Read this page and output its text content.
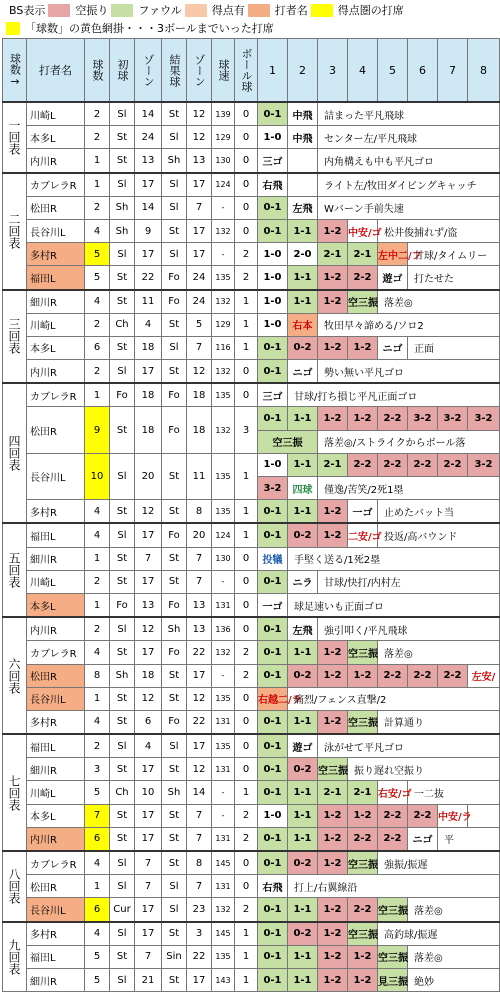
BS表示	空振り	ファウル	得点有	打者名	得点圏の打席
「球数」の黄色網掛・・・3ボールまでいった打席
球数→	打者名	球数	初球	ゾーン	結果球	ゾーン	球速	ボール球	1	2	3	4	5	6	7	8
一回表	川崎L	2	Sl	14	St	12	139	0	0-1	中飛	詰まった平凡飛球					
	本多L	2	St	24	Sl	12	129	0	1-0	中飛	センター左/平凡飛球					
	内川R	1	St	13	Sh	13	130	0	三ゴ		内角構えも中も平凡ゴロ					
二回表	カブレラR	1	Sl	17	Sl	17	124	0	右飛		ライト左/牧田ダイビングキャッチ					
	松田R	2	Sh	14	Sl	7	-	0	0-1	左飛	Wバーン手前失速					
	長谷川L	4	Sh	9	St	17	132	0	0-1	1-1	1-2	中安/ゴ	松井俊捕れず/盗			
	多村R	5	Sl	17	Sl	17	-	2	1-0	2-0	2-1	2-1	左中二/フ	甘球/タイムリー		
	福田L	5	St	22	Fo	24	135	2	1-0	1-1	1-2	2-2	遊ゴ	打たせた		
三回表	細川R	4	St	11	Fo	24	132	1	1-0	1-1	1-2	空三振	落差◎			
	川崎L	2	Ch	4	St	5	129	1	1-0	右本	牧田早々諦める/ソロ2					
	本多L	6	St	18	Sl	7	116	1	0-1	0-2	1-2	1-2	ニゴ	正面		
	内川R	2	Sl	17	St	12	132	0	0-1	ニゴ	勢い無い平凡ゴロ					
四回表	カブレラR	1	Fo	18	Fo	18	135	0	三ゴ	甘球/打ち損じ平凡正面ゴロ						
	松田R	9	St	18	Fo	18	132	3	0-1	1-1	1-2	1-2	2-2	3-2	3-2	3-2
									空三振		落差◎/ストライクからボール落					
	長谷川L	10	Sl	20	St	11	135	1	1-0	1-1	2-1	2-2	2-2	2-2	2-2	3-2
									3-2	四球	僅逸/苦笑/2死1塁					
	多村R	4	St	12	St	8	135	1	0-1	1-1	1-2	一ゴ	止めたバット当			
五回表	福田L	4	Sl	17	Fo	20	124	1	0-1	0-2	1-2	二安/ゴ	投返/高バウンド			
	細川R	1	St	7	St	7	130	0	投犠	手堅く送る/1死2塁						
	川崎L	2	St	17	St	7	-	0	0-1	ニラ	甘球/快打/内村左					
	本多L	1	Fo	13	Fo	13	131	0	一ゴ	球足速いも正面ゴロ						
六回表	内川R	2	Sl	12	Sh	13	136	0	0-1	左飛	強引叩く/平凡飛球					
	カブレラR	4	St	17	Fo	22	132	2	0-1	1-1	1-2	空三振	落差◎			
	松田R	8	Sh	18	St	17	-	2	0-1	0-2	1-2	1-2	2-2	2-2	2-2	左安/
	長谷川L	1	St	12	St	12	135	0	右越二/ラ	痛烈/フェンス直撃/2						
	多村R	4	St	6	Fo	22	131	0	0-1	1-1	1-2	空三振	計算通り			
七回表	福田L	2	Sl	4	Sl	17	135	0	0-1	遊ゴ	泳がせて平凡ゴロ					
	細川R	3	St	17	St	12	131	0	0-1	0-2	空三振	振り遅れ空振り				
	川崎L	5	Ch	10	Sh	14	-	1	0-1	1-1	2-1	2-1	右安/ゴ	一二抜		
	本多L	7	St	17	St	7	-	2	1-0	1-1	1-2	1-2	2-2	2-2	中安/ラ	
	内川R	6	St	17	St	7	131	2	0-1	1-1	1-2	2-2	2-2	ニゴ	平	
八回表	カブレラR	4	Sl	7	St	8	145	0	0-1	0-2	1-2	空三振	強振/振遅			
	松田R	1	Sl	7	Sl	7	131	0	右飛	打上/右翼線沿						
	長谷川L	6	Cur	17	Sl	23	132	2	0-1	1-1	1-2	2-2	空三振	落差◎		
九回表	多村R	4	Sl	17	St	3	145	1	0-1	0-2	1-2	空三振	高釣球/振遅			
	福田L	5	St	7	Sin	22	135	1	0-1	1-1	1-2	1-2	空三振	落差◎		
	細川R	5	Sl	21	St	17	143	1	0-1	1-1	1-2	1-2	見三振	絶妙		
